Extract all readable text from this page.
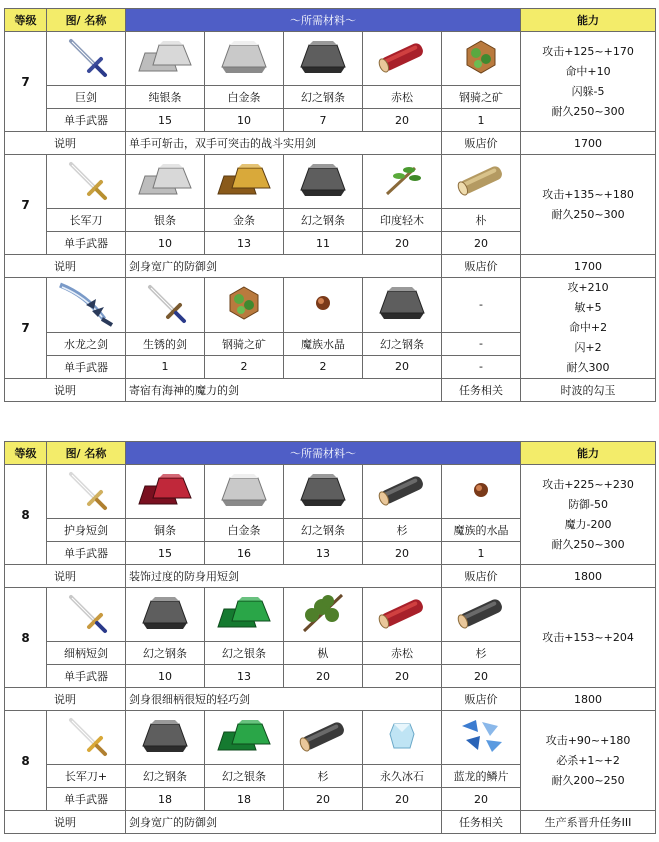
等级	图/ 名称	～所需材料～					能力
7							攻击+125~+170
命中+10
闪躲-5
耐久250~300

	巨剑	纯银条	白金条	幻之钢条	赤松	钢骑之矿	
	单手武器	15	10	7	20	1	
说明		单手可斩击，双手可突击的战斗实用剑				贩店价	1700
7							攻击+135~+180
耐久250~300

	长军刀	银条	金条	幻之钢条	印度轻木	朴	
	单手武器	10	13	11	20	20	
说明		剑身宽广的防御剑				贩店价	1700
7						-	攻+210
敏+5
命中+2
闪+2
耐久300

	水龙之剑	生锈的剑	钢骑之矿	魔族水晶	幻之钢条	-	
	单手武器	1	2	2	20	-	
说明		寄宿有海神的魔力的剑				任务相关	时波的勾玉
等级	图/ 名称	～所需材料～					能力
8							攻击+225~+230
防御-50
魔力-200
耐久250~300

	护身短剑	铜条	白金条	幻之钢条	杉	魔族的水晶	
	单手武器	15	16	13	20	1	
说明		装饰过度的防身用短剑				贩店价	1800
8							攻击+153~+204

	细柄短剑	幻之钢条	幻之银条	枞	赤松	杉	
	单手武器	10	13	20	20	20	
说明		剑身很细柄很短的轻巧剑				贩店价	1800
8							攻击+90~+180
必杀+1~+2
耐久200~250

	长军刀+	幻之钢条	幻之银条	杉	永久冰石	蓝龙的鳞片	
	单手武器	18	18	20	20	20	
说明		剑身宽广的防御剑				任务相关	生产系晋升任务III
